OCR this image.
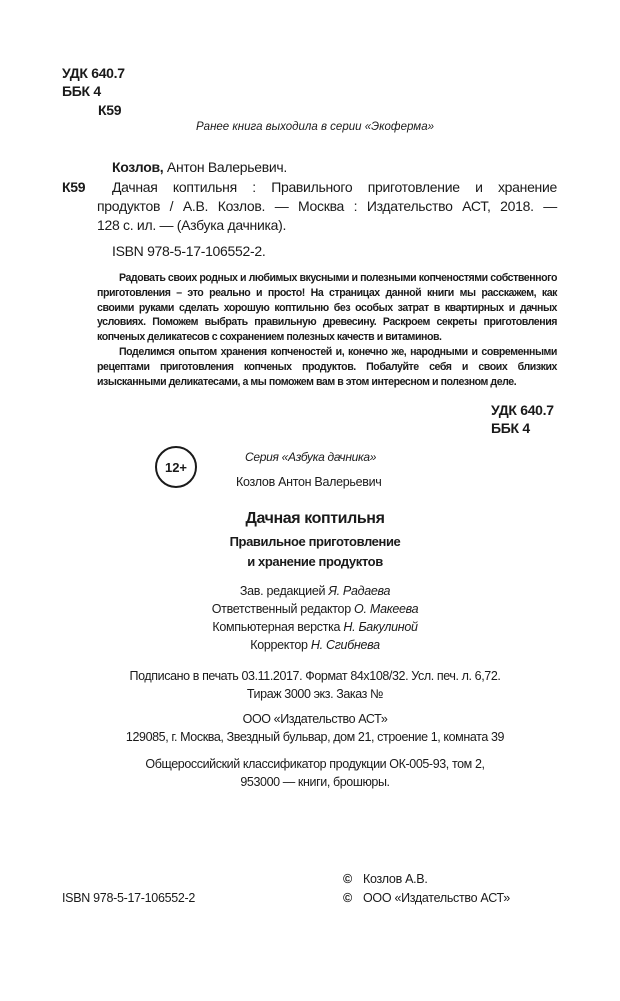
УДК 640.7
ББК 4
К59
Ранее книга выходила в серии «Экоферма»
Козлов, Антон Валерьевич.
К59 Дачная коптильня : Правильного приготовление и хранение
продуктов / А.В. Козлов. — Москва : Издательство АСТ, 2018. —
128 с. ил. — (Азбука дачника).
ISBN 978-5-17-106552-2.

Радовать своих родных и любимых вкусными и полезными копченостями собственного приготовления – это реально и просто! На страницах данной книги мы расскажем, как своими руками сделать хорошую коптильню без особых затрат в квартирных и дачных условиях. Поможем выбрать правильную древесину. Раскроем секреты приготовления копченых деликатесов с сохранением полезных качеств и витаминов.

Поделимся опытом хранения копченостей и, конечно же, народными и современными рецептами приготовления копченых продуктов. Побалуйте себя и своих близких изысканными деликатесами, а мы поможем вам в этом интересном и полезном деле.

УДК 640.7
ББК 4
12+
Серия «Азбука дачника»
Козлов Антон Валерьевич
Дачная коптильня
Правильное приготовление
и хранение продуктов
Зав. редакцией Я. Радаева
Ответственный редактор О. Макеева
Компьютерная верстка Н. Бакулиной
Корректор Н. Сгибнева
Подписано в печать 03.11.2017. Формат 84x108/32. Усл. печ. л. 6,72.
Тираж 3000 экз. Заказ №
ООО «Издательство АСТ»
129085, г. Москва, Звездный бульвар, дом 21, строение 1, комната 39
Общероссийский классификатор продукции ОК-005-93, том 2,
953000 — книги, брошюры.
ISBN 978-5-17-106552-2
© Козлов А.В.
© ООО «Издательство АСТ»
